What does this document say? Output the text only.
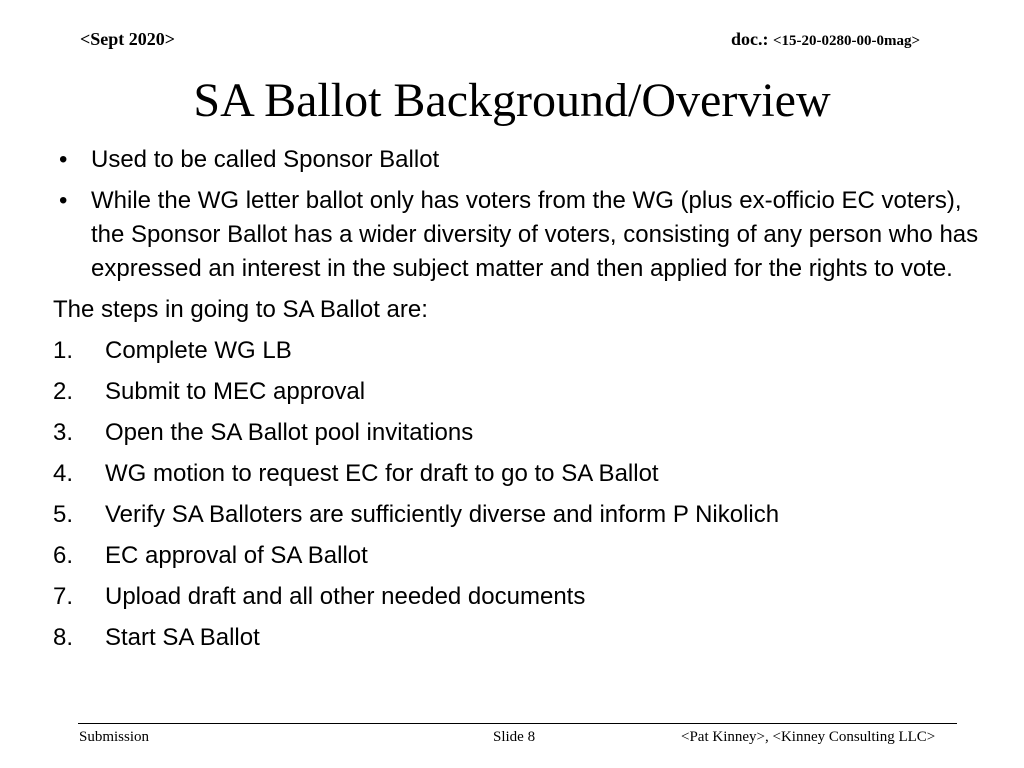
<Sept 2020>	doc.: <15-20-0280-00-0mag>
SA Ballot Background/Overview
• Used to be called Sponsor Ballot
• While the WG letter ballot only has voters from the WG (plus ex-officio EC voters), the Sponsor Ballot has a wider diversity of voters, consisting of any person who has expressed an interest in the subject matter and then applied for the rights to vote.
The steps in going to SA Ballot are:
1.	Complete WG LB
2.	Submit to MEC approval
3.	Open the SA Ballot pool invitations
4.	WG motion to request EC for draft to go to SA Ballot
5.	Verify SA Balloters are sufficiently diverse and inform P Nikolich
6.	EC approval of SA Ballot
7.	Upload draft and all other needed documents
8.	Start SA Ballot
Submission	Slide 8	<Pat Kinney>, <Kinney Consulting LLC>
